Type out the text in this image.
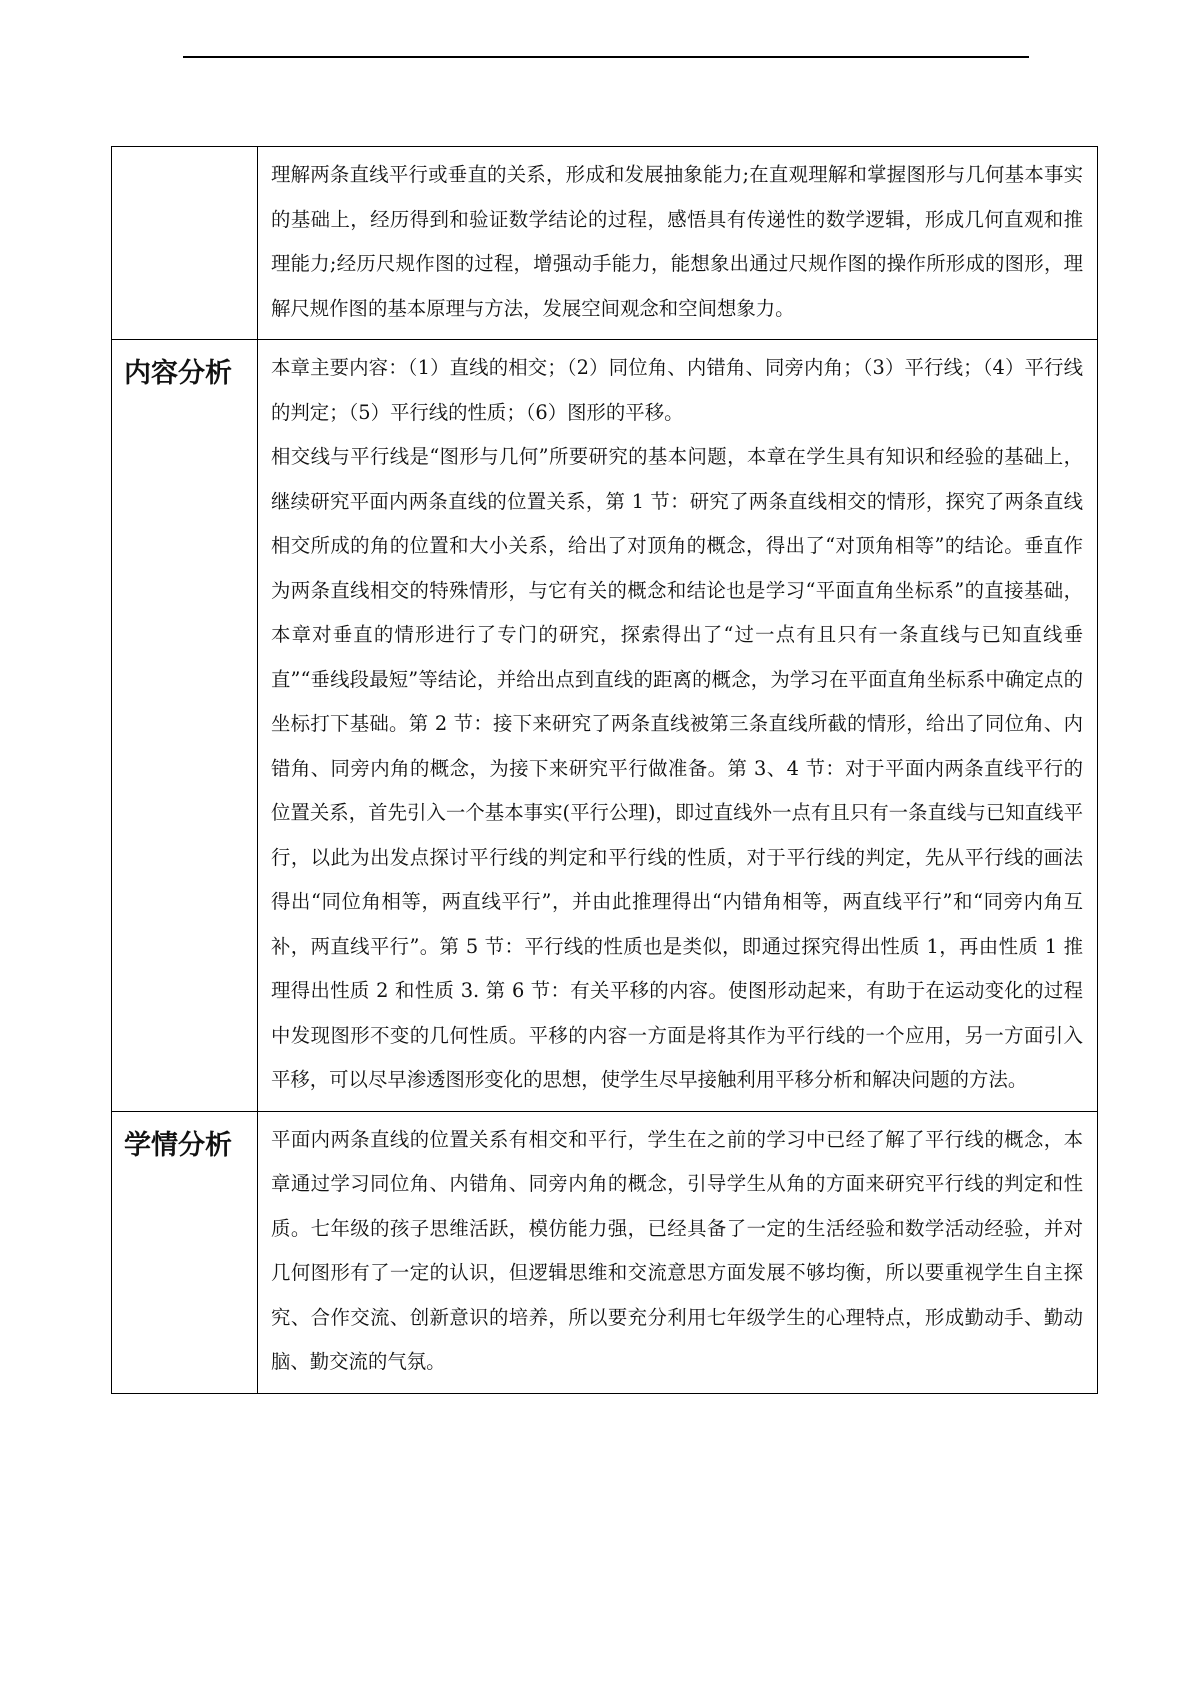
	理解两条直线平行或垂直的关系，形成和发展抽象能力;在直观理解和掌握图形与几何基本事实的基础上，经历得到和验证数学结论的过程，感悟具有传递性的数学逻辑，形成几何直观和推理能力;经历尺规作图的过程，增强动手能力，能想象出通过尺规作图的操作所形成的图形，理解尺规作图的基本原理与方法，发展空间观念和空间想象力。

内容分析	本章主要内容：（1）直线的相交；（2）同位角、内错角、同旁内角；（3）平行线；（4）平行线的判定；（5）平行线的性质；（6）图形的平移。

相交线与平行线是“图形与几何”所要研究的基本问题，本章在学生具有知识和经验的基础上，继续研究平面内两条直线的位置关系，第 1 节：研究了两条直线相交的情形，探究了两条直线相交所成的角的位置和大小关系，给出了对顶角的概念，得出了“对顶角相等”的结论。垂直作为两条直线相交的特殊情形，与它有关的概念和结论也是学习“平面直角坐标系”的直接基础，本章对垂直的情形进行了专门的研究，探索得出了“过一点有且只有一条直线与已知直线垂直”“垂线段最短”等结论，并给出点到直线的距离的概念，为学习在平面直角坐标系中确定点的坐标打下基础。第 2 节：接下来研究了两条直线被第三条直线所截的情形，给出了同位角、内错角、同旁内角的概念，为接下来研究平行做准备。第 3、4 节：对于平面内两条直线平行的位置关系，首先引入一个基本事实(平行公理)，即过直线外一点有且只有一条直线与已知直线平行，以此为出发点探讨平行线的判定和平行线的性质，对于平行线的判定，先从平行线的画法得出“同位角相等，两直线平行”，并由此推理得出“内错角相等，两直线平行”和“同旁内角互补，两直线平行”。第 5 节：平行线的性质也是类似，即通过探究得出性质 1，再由性质 1 推理得出性质 2 和性质 3. 第 6 节：有关平移的内容。使图形动起来，有助于在运动变化的过程中发现图形不变的几何性质。平移的内容一方面是将其作为平行线的一个应用，另一方面引入平移，可以尽早渗透图形变化的思想，使学生尽早接触利用平移分析和解决问题的方法。

学情分析	平面内两条直线的位置关系有相交和平行，学生在之前的学习中已经了解了平行线的概念，本章通过学习同位角、内错角、同旁内角的概念，引导学生从角的方面来研究平行线的判定和性质。七年级的孩子思维活跃，模仿能力强，已经具备了一定的生活经验和数学活动经验，并对几何图形有了一定的认识，但逻辑思维和交流意思方面发展不够均衡，所以要重视学生自主探究、合作交流、创新意识的培养，所以要充分利用七年级学生的心理特点，形成勤动手、勤动脑、勤交流的气氛。
